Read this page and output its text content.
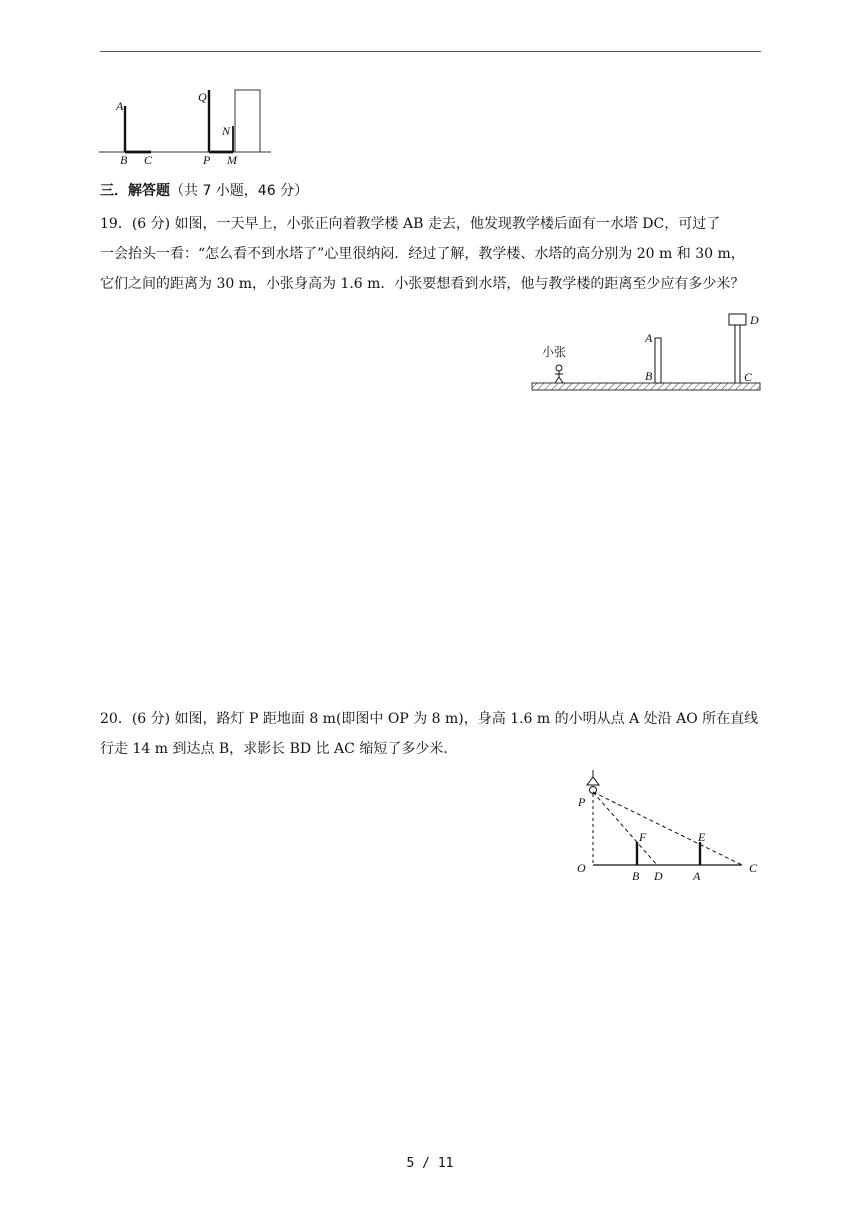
A
B C
Q
N
P M
三．解答题（共 7 小题，46 分）

19．(6 分) 如图，一天早上，小张正向着教学楼 AB 走去，他发现教学楼后面有一水塔 DC，可过了

一会抬头一看：“怎么看不到水塔了”心里很纳闷．经过了解，教学楼、水塔的高分别为 20 m 和 30 m，

它们之间的距离为 30 m，小张身高为 1.6 m．小张要想看到水塔，他与教学楼的距离至少应有多少米？

小张
A
B
D
C

20．(6 分) 如图，路灯 P 距地面 8 m(即图中 OP 为 8 m)，身高 1.6 m 的小明从点 A 处沿 AO 所在直线

行走 14 m 到达点 B，求影长 BD 比 AC 缩短了多少米．

P
F	E
O
B D	A
C
5 / 11
